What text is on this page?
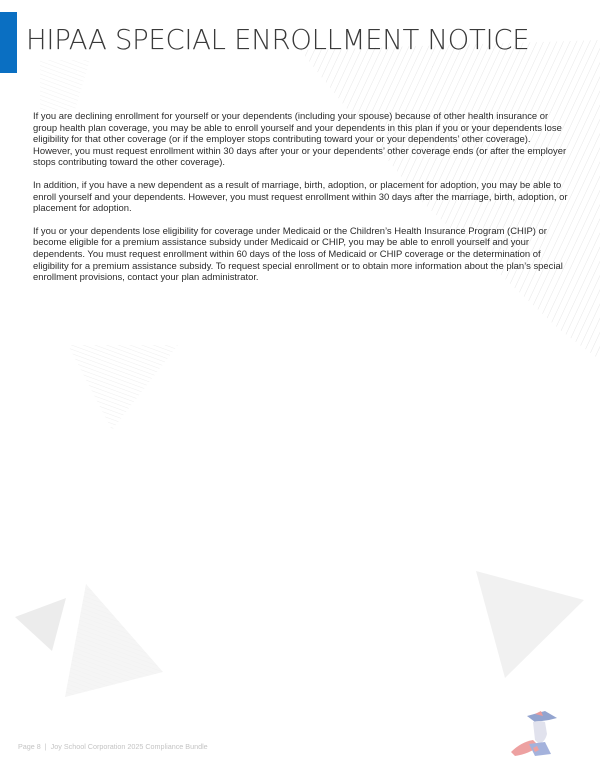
HIPAA SPECIAL ENROLLMENT NOTICE

If you are declining enrollment for yourself or your dependents (including your spouse) because of other health insurance or group health plan coverage, you may be able to enroll yourself and your dependents in this plan if you or your dependents lose eligibility for that other coverage (or if the employer stops contributing toward your or your dependents’ other coverage). However, you must request enrollment within 30 days after your or your dependents’ other coverage ends (or after the employer stops contributing toward the other coverage).

In addition, if you have a new dependent as a result of marriage, birth, adoption, or placement for adoption, you may be able to enroll yourself and your dependents. However, you must request enrollment within 30 days after the marriage, birth, adoption, or placement for adoption.

If you or your dependents lose eligibility for coverage under Medicaid or the Children’s Health Insurance Program (CHIP) or become eligible for a premium assistance subsidy under Medicaid or CHIP, you may be able to enroll yourself and your dependents. You must request enrollment within 60 days of the loss of Medicaid or CHIP coverage or the determination of eligibility for a premium assistance subsidy. To request special enrollment or to obtain more information about the plan’s special enrollment provisions, contact your plan administrator.

Page 8 | Joy School Corporation 2025 Compliance Bundle
